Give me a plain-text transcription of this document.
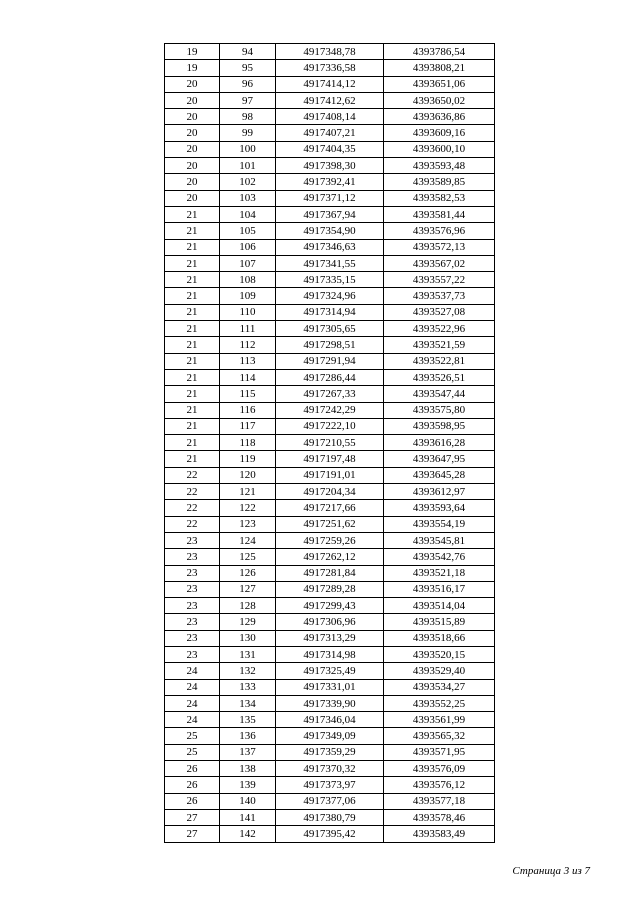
19	94	4917348,78	4393786,54
19	95	4917336,58	4393808,21
20	96	4917414,12	4393651,06
20	97	4917412,62	4393650,02
20	98	4917408,14	4393636,86
20	99	4917407,21	4393609,16
20	100	4917404,35	4393600,10
20	101	4917398,30	4393593,48
20	102	4917392,41	4393589,85
20	103	4917371,12	4393582,53
21	104	4917367,94	4393581,44
21	105	4917354,90	4393576,96
21	106	4917346,63	4393572,13
21	107	4917341,55	4393567,02
21	108	4917335,15	4393557,22
21	109	4917324,96	4393537,73
21	110	4917314,94	4393527,08
21	111	4917305,65	4393522,96
21	112	4917298,51	4393521,59
21	113	4917291,94	4393522,81
21	114	4917286,44	4393526,51
21	115	4917267,33	4393547,44
21	116	4917242,29	4393575,80
21	117	4917222,10	4393598,95
21	118	4917210,55	4393616,28
21	119	4917197,48	4393647,95
22	120	4917191,01	4393645,28
22	121	4917204,34	4393612,97
22	122	4917217,66	4393593,64
22	123	4917251,62	4393554,19
23	124	4917259,26	4393545,81
23	125	4917262,12	4393542,76
23	126	4917281,84	4393521,18
23	127	4917289,28	4393516,17
23	128	4917299,43	4393514,04
23	129	4917306,96	4393515,89
23	130	4917313,29	4393518,66
23	131	4917314,98	4393520,15
24	132	4917325,49	4393529,40
24	133	4917331,01	4393534,27
24	134	4917339,90	4393552,25
24	135	4917346,04	4393561,99
25	136	4917349,09	4393565,32
25	137	4917359,29	4393571,95
26	138	4917370,32	4393576,09
26	139	4917373,97	4393576,12
26	140	4917377,06	4393577,18
27	141	4917380,79	4393578,46
27	142	4917395,42	4393583,49
Страница 3 из 7
